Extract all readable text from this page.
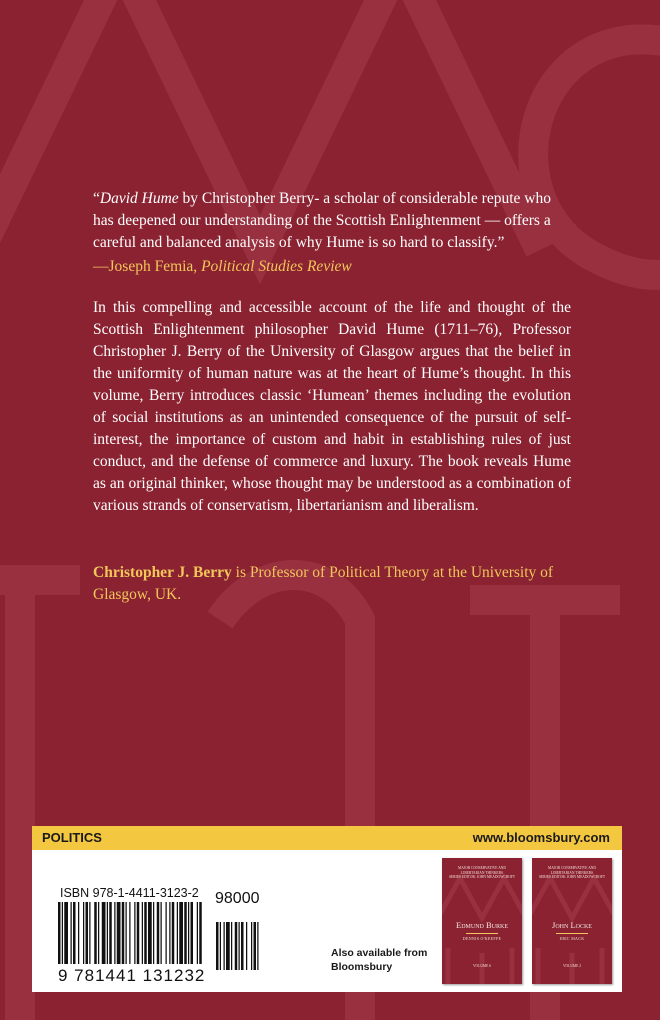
“David Hume by Christopher Berry- a scholar of considerable repute who has deepened our understanding of the Scottish Enlightenment — offers a careful and balanced analysis of why Hume is so hard to classify.”

—Joseph Femia, Political Studies Review

In this compelling and accessible account of the life and thought of the Scottish Enlightenment philosopher David Hume (1711–76), Professor Christopher J. Berry of the University of Glasgow argues that the belief in the uniformity of human nature was at the heart of Hume’s thought. In this volume, Berry introduces classic ‘Humean’ themes including the evolution of social institutions as an unintended consequence of the pursuit of self-interest, the importance of custom and habit in establishing rules of just conduct, and the defense of commerce and luxury. The book reveals Hume as an original thinker, whose thought may be understood as a combination of various strands of conservatism, libertarianism and liberalism.

Christopher J. Berry is Professor of Political Theory at the University of Glasgow, UK.

POLITICS	www.bloomsbury.com
ISBN 978-1-4411-3123-2 98000
9 781441 131232
Also available from Bloomsbury
MAJOR CONSERVATIVE AND LIBERTARIAN THINKERS
SERIES EDITOR: JOHN MEADOWCROFT
Edmund Burke
DENNIS O'KEEFFE
VOLUME 6
MAJOR CONSERVATIVE AND LIBERTARIAN THINKERS
SERIES EDITOR: JOHN MEADOWCROFT
John Locke
ERIC MACK
VOLUME 2
